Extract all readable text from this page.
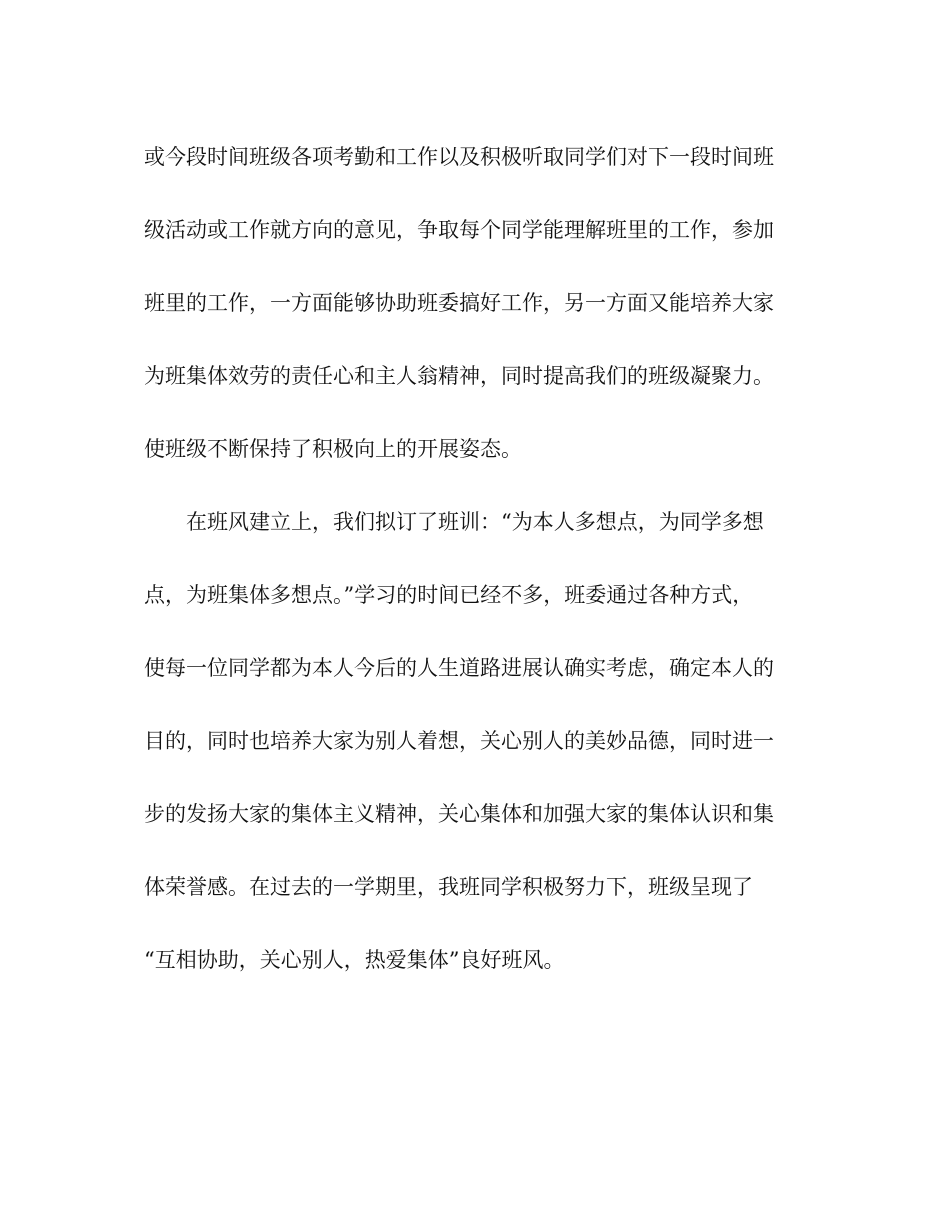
或今段时间班级各项考勤和工作以及积极听取同学们对下一段时间班
级活动或工作就方向的意见，争取每个同学能理解班里的工作，参加
班里的工作，一方面能够协助班委搞好工作，另一方面又能培养大家
为班集体效劳的责任心和主人翁精神，同时提高我们的班级凝聚力。
使班级不断保持了积极向上的开展姿态。
在班风建立上，我们拟订了班训：“为本人多想点，为同学多想
点，为班集体多想点。”学习的时间已经不多，班委通过各种方式，
使每一位同学都为本人今后的人生道路进展认确实考虑，确定本人的
目的，同时也培养大家为别人着想，关心别人的美妙品德，同时进一
步的发扬大家的集体主义精神，关心集体和加强大家的集体认识和集
体荣誉感。在过去的一学期里，我班同学积极努力下，班级呈现了
“互相协助，关心别人，热爱集体”良好班风。
